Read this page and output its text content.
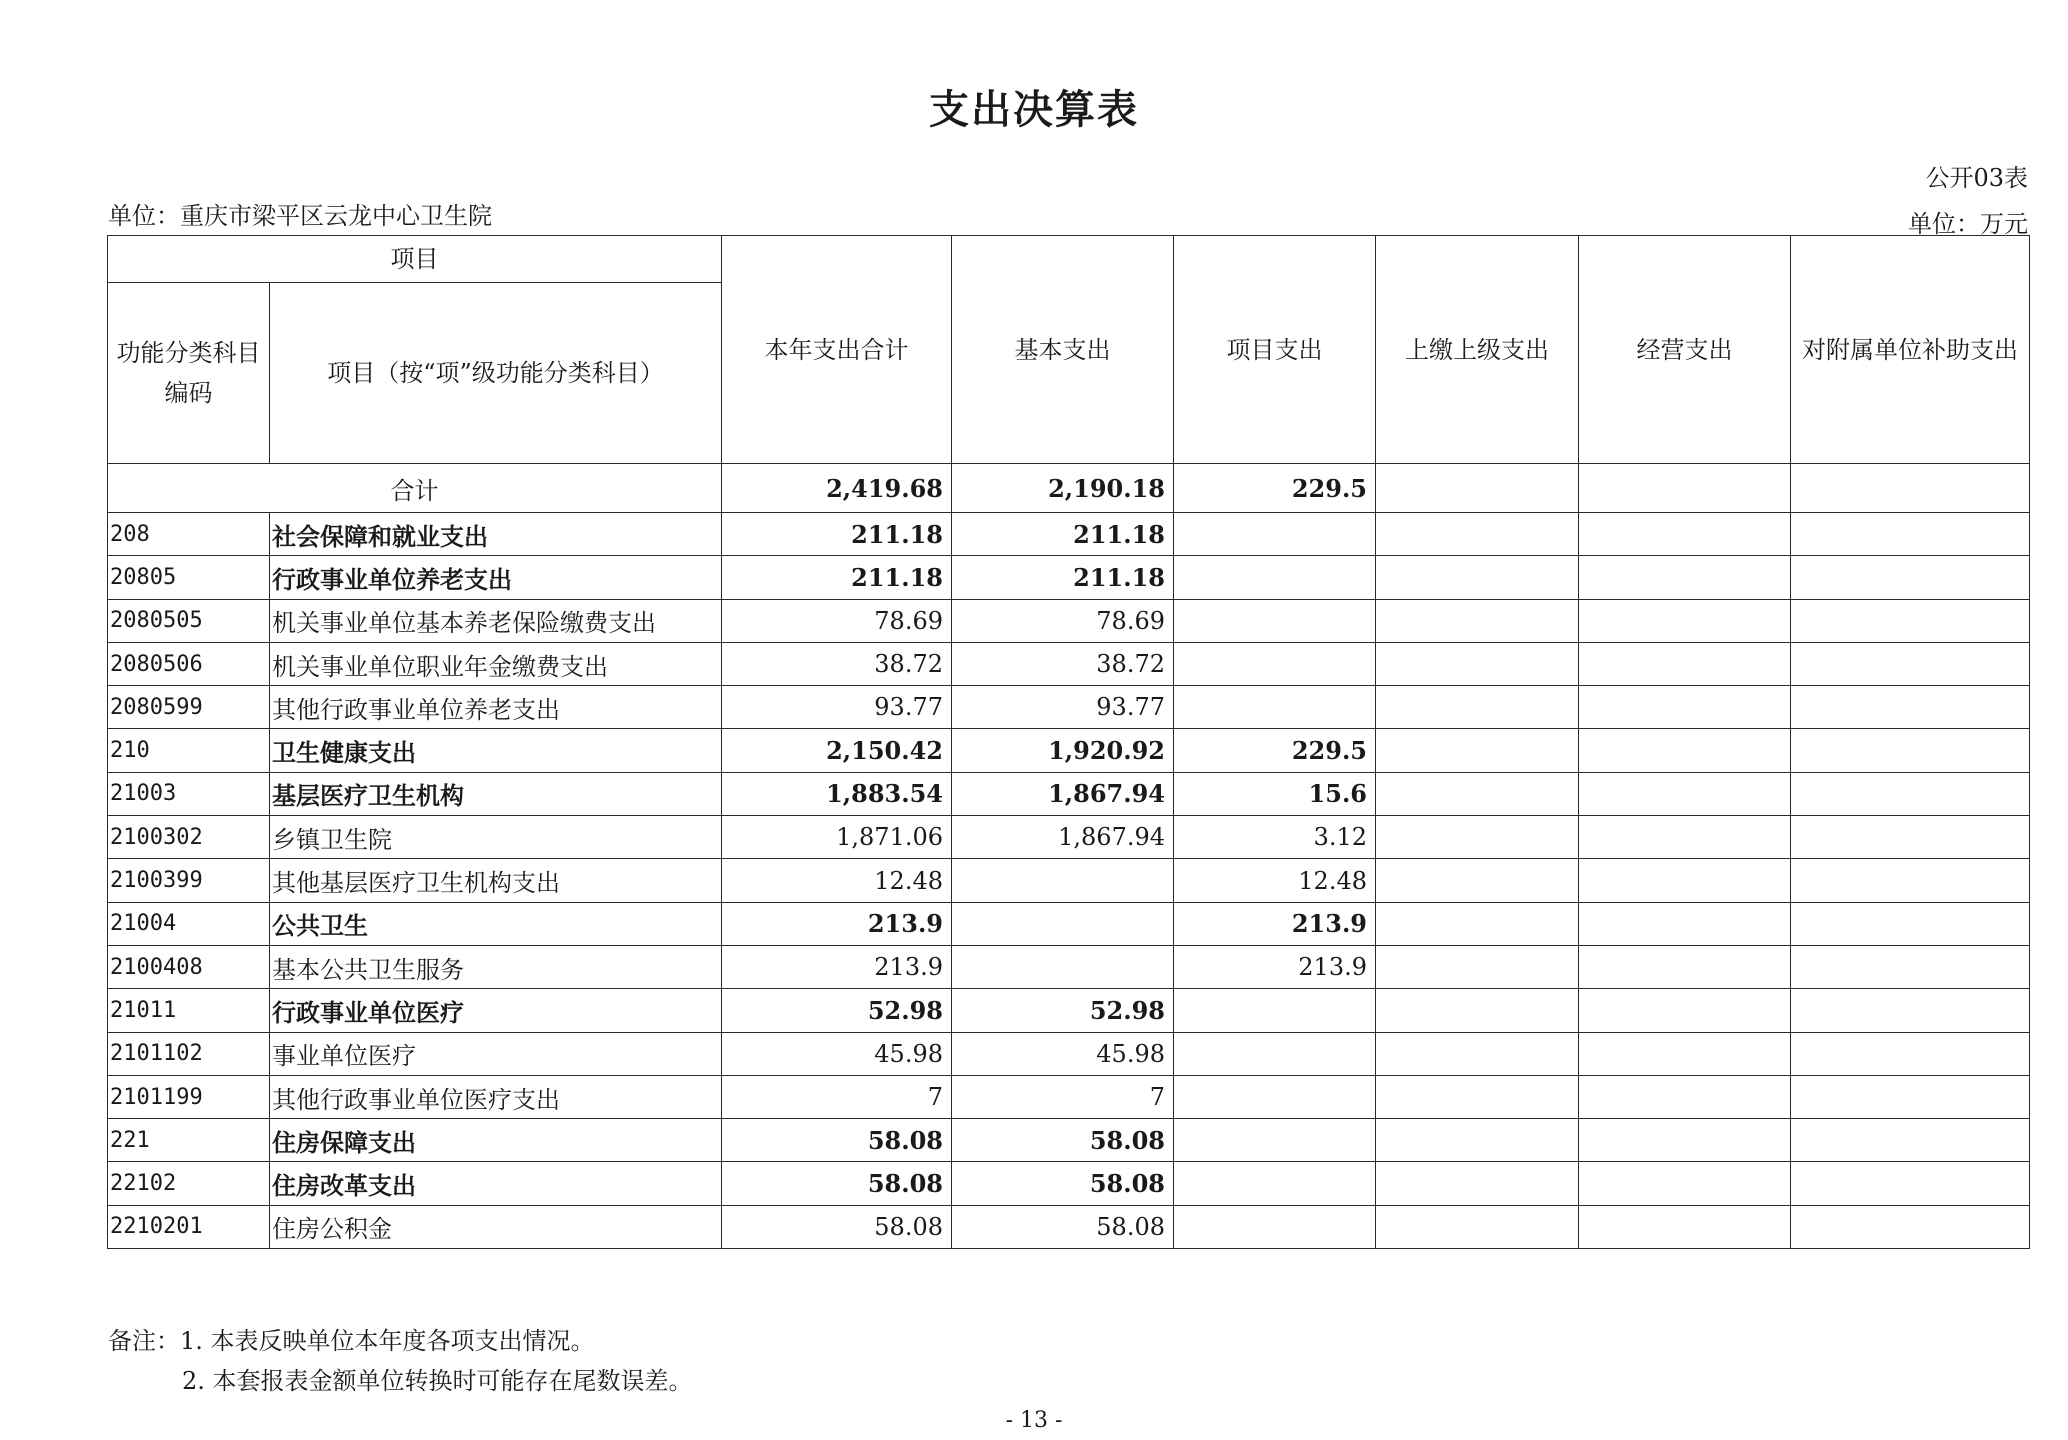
支出决算表
公开03表
单位：重庆市梁平区云龙中心卫生院	单位：万元
项目		本年支出合计	基本支出	项目支出	上缴上级支出	经营支出	对附属单位补助支出
功能分类科目编码	项目（按“项”级功能分类科目）						
合计		2,419.68	2,190.18	229.5			
208	社会保障和就业支出	211.18	211.18				
20805	行政事业单位养老支出	211.18	211.18				
2080505	机关事业单位基本养老保险缴费支出	78.69	78.69				
2080506	机关事业单位职业年金缴费支出	38.72	38.72				
2080599	其他行政事业单位养老支出	93.77	93.77				
210	卫生健康支出	2,150.42	1,920.92	229.5			
21003	基层医疗卫生机构	1,883.54	1,867.94	15.6			
2100302	乡镇卫生院	1,871.06	1,867.94	3.12			
2100399	其他基层医疗卫生机构支出	12.48		12.48			
21004	公共卫生	213.9		213.9			
2100408	基本公共卫生服务	213.9		213.9			
21011	行政事业单位医疗	52.98	52.98				
2101102	事业单位医疗	45.98	45.98				
2101199	其他行政事业单位医疗支出	7	7				
221	住房保障支出	58.08	58.08				
22102	住房改革支出	58.08	58.08				
2210201	住房公积金	58.08	58.08				
备注：1. 本表反映单位本年度各项支出情况。
2. 本套报表金额单位转换时可能存在尾数误差。
- 13 -
